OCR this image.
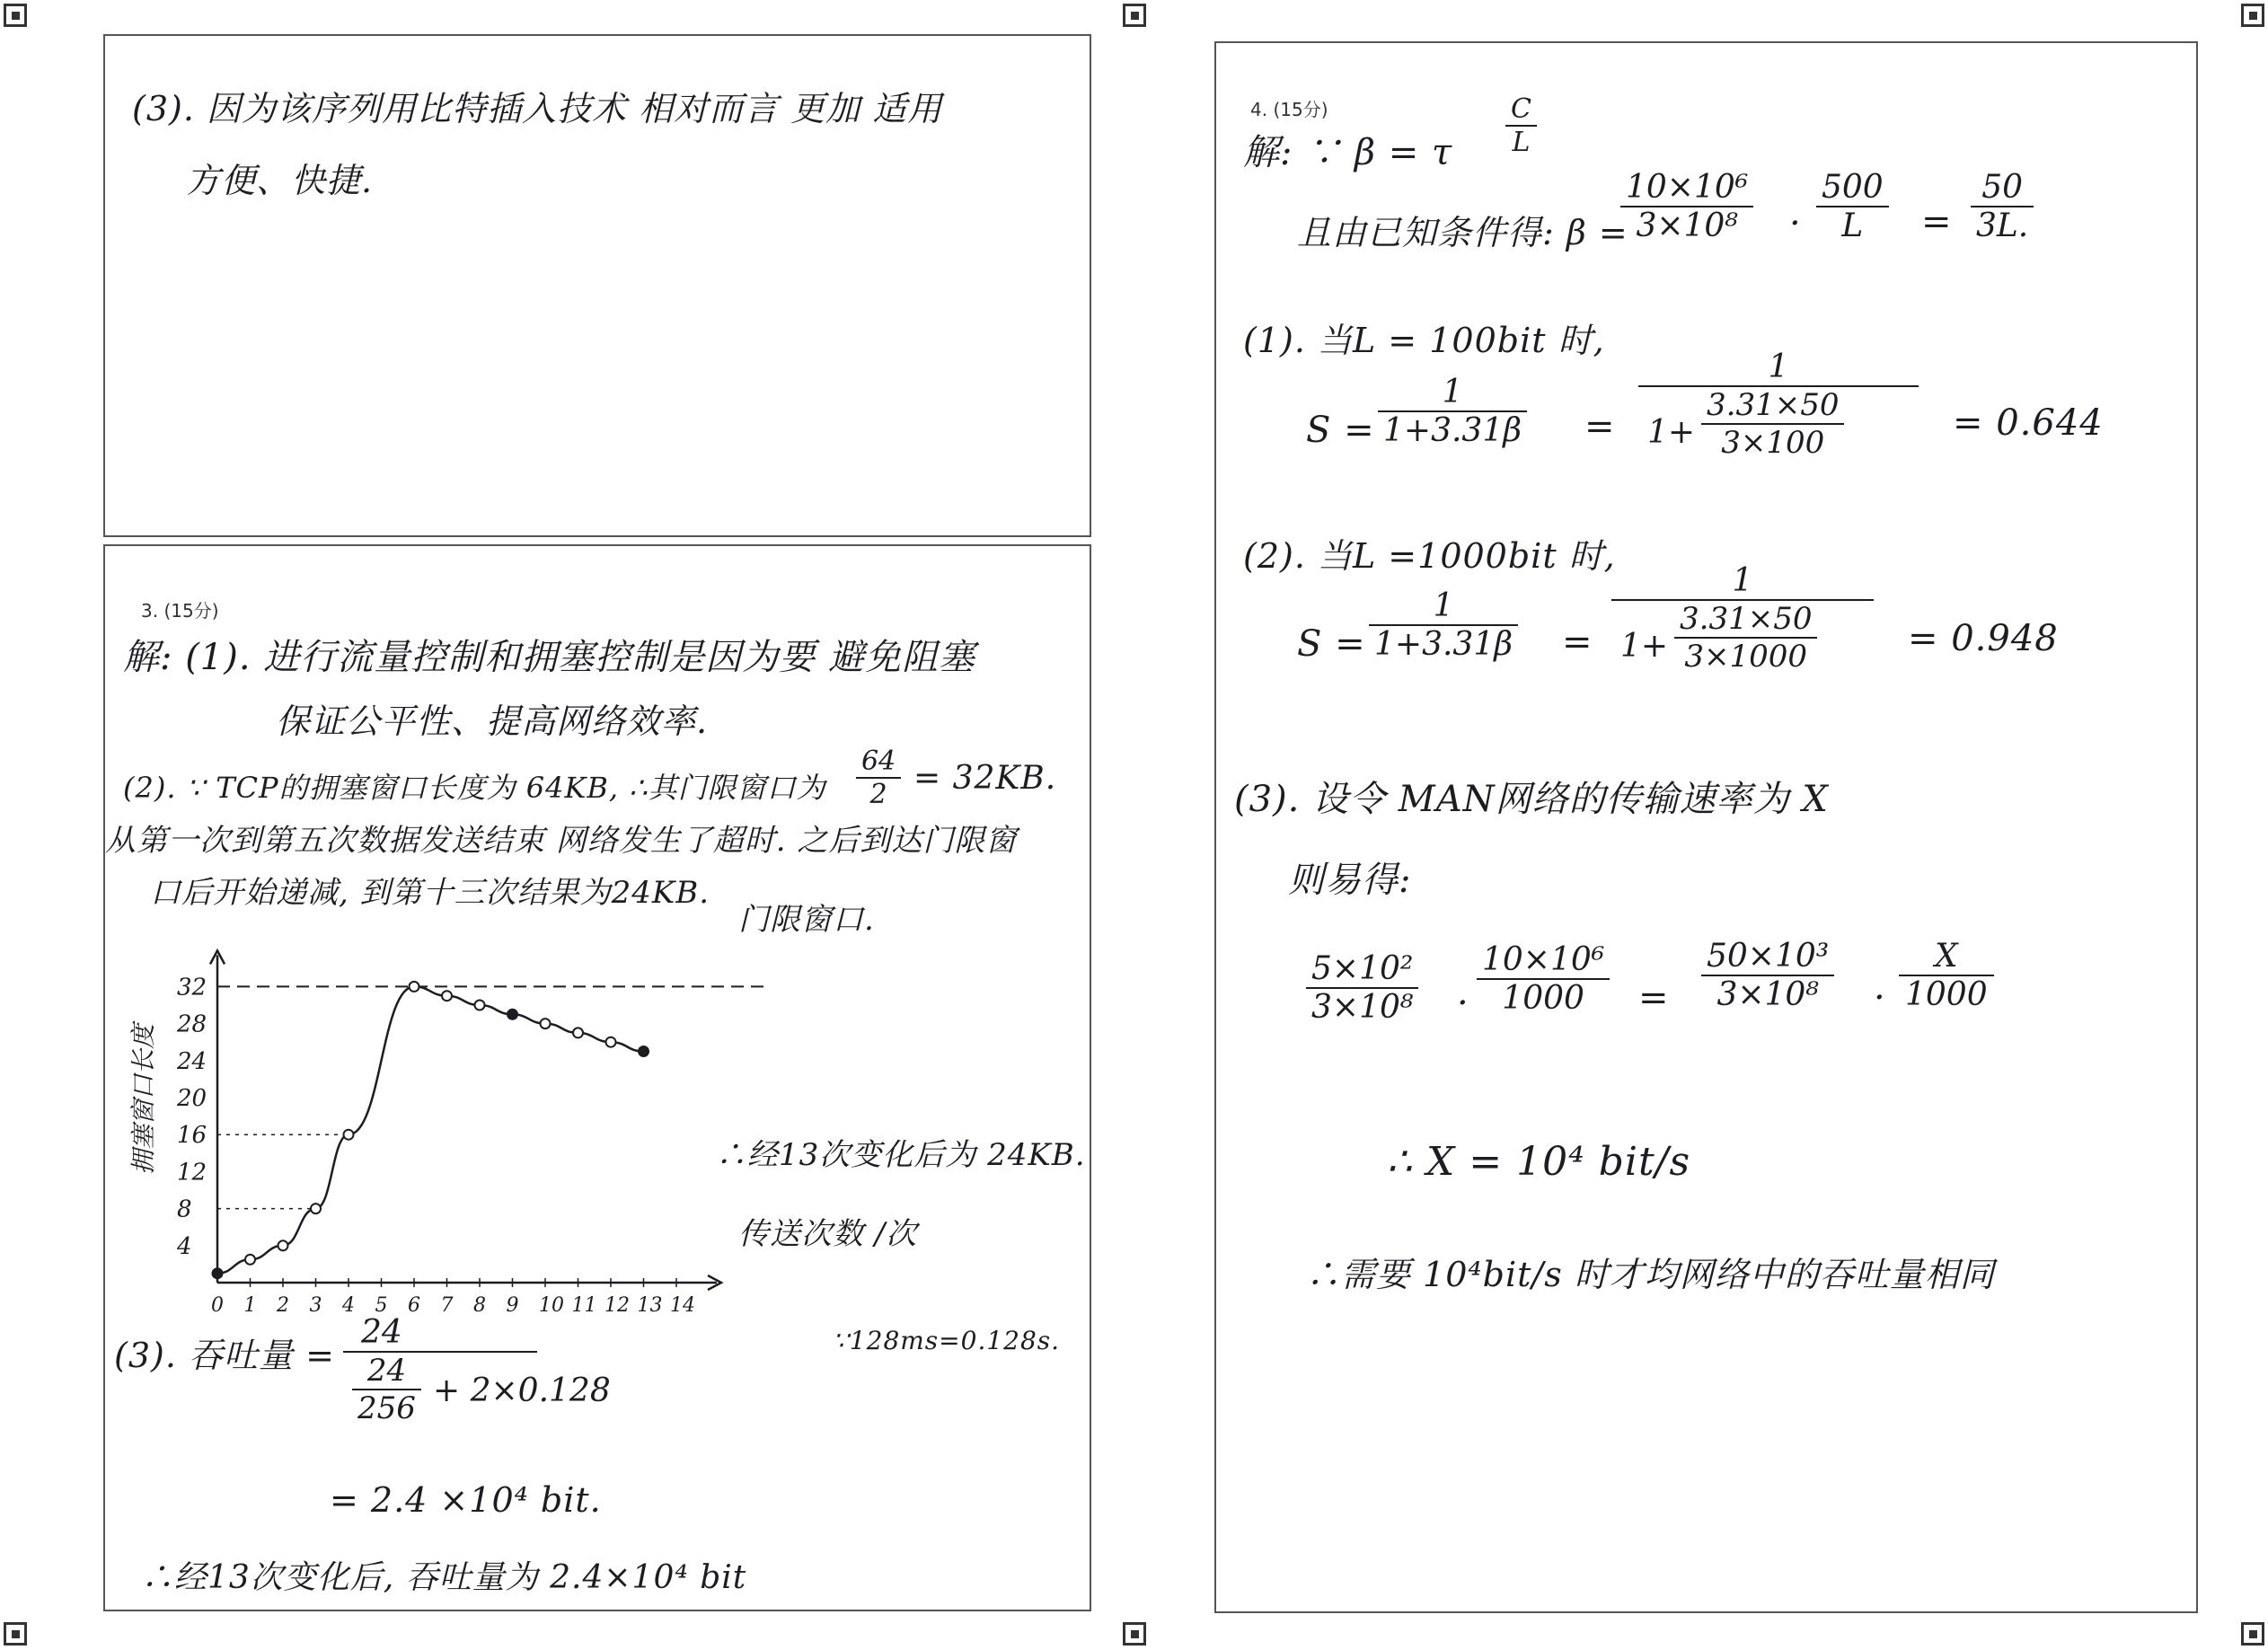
(3). 因为该序列用比特插入技术 相对而言 更加 适用
方便、快捷.
3. (15分)
解: (1). 进行流量控制和拥塞控制是因为要 避免阻塞
保证公平性、提高网络效率.
(2). ∵ TCP的拥塞窗口长度为 64KB, ∴其门限窗口为 $\frac{64}{2} = 32KB$.
从第一次到第五次数据发送结束 网络发生了超时. 之后到达门限窗
口后开始递减, 到第十三次结果为24KB.
0 1 2 3 4 5 6 7 8 9 10 11 12 13 14
4
8
12
16
20
24
28
32
拥塞窗口长度
门限窗口.
传送次数 /次
∴经13次变化后为 24KB.
∵128ms=0.128s.
(3). 吞吐量 = $\frac{24}{\frac{24}{256} + 2\times 0.128}$
= 2.4 ×10⁴ bit.
∴经13次变化后, 吞吐量为 2.4×10⁴ bit
4. (15分)
解: ∵ β = τ $\frac{C}{L}$
且由已知条件得: β =
$\frac{\text{10×10⁶}}{\text{3×10⁸}} \cdot \frac{500}{L} = \frac{50}{3L.}$
(1). 当L = 100bit 时,
$S = \frac{1}{1+3.31\beta} = \frac{1}{1+ \frac{3.31\times 50}{3\times 100}} = 0.644$
(2). 当L =1000bit 时,
$S = \frac{1}{1+3.31\beta} = \frac{1}{1+ \frac{3.31\times 50}{3\times 1000}} = 0.948$
(3). 设令 MAN网络的传输速率为 X
则易得:
$\frac{\text{5×10²}}{\text{3×10⁸}} \cdot \frac{\text{10×10⁶}}{1000} = \frac{\text{50×10³}}{\text{3×10⁸}} \cdot \frac{X}{1000}$
∴ X = 10⁴ bit/s
∴需要 10⁴bit/s 时才均网络中的吞吐量相同
